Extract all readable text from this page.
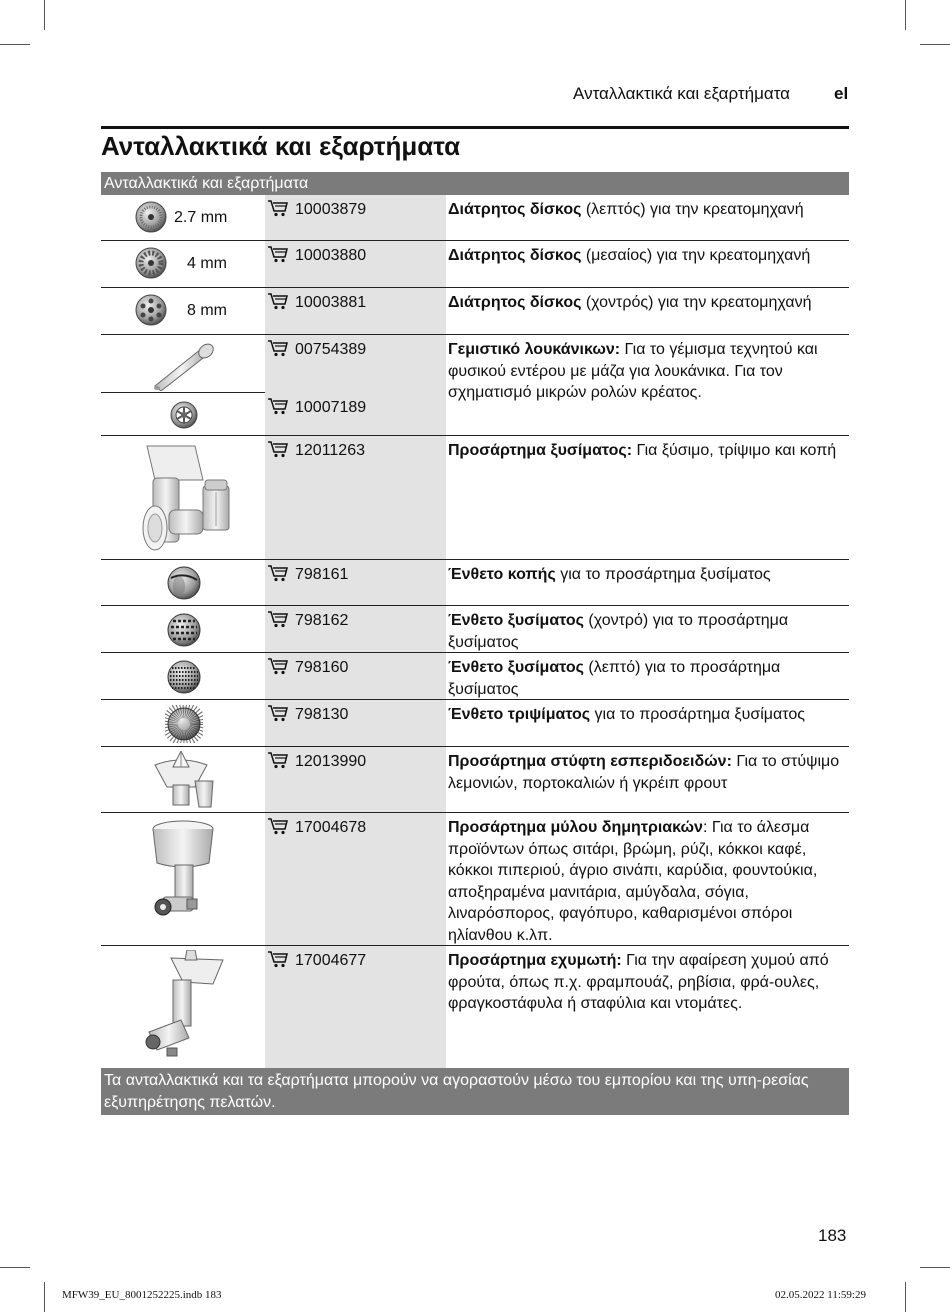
Ανταλλακτικά και εξαρτήματα	el
Ανταλλακτικά και εξαρτήματα
Ανταλλακτικά και εξαρτήματα
2.7 mm	10003879	Διάτρητος δίσκος (λεπτός) για την κρεατομηχανή
4 mm	10003880	Διάτρητος δίσκος (μεσαίος) για την κρεατομηχανή
8 mm	10003881	Διάτρητος δίσκος (χοντρός) για την κρεατομηχανή
00754389	Γεμιστικό λουκάνικων: Για το γέμισμα τεχνητού και φυσικού εντέρου με μάζα για λουκάνικα. Για τον σχηματισμό μικρών ρολών κρέατος.
10007189
12011263	Προσάρτημα ξυσίματος: Για ξύσιμο, τρίψιμο και κοπή
798161	Ένθετο κοπής για το προσάρτημα ξυσίματος
798162	Ένθετο ξυσίματος (χοντρό) για το προσάρτημα ξυσίματος
798160	Ένθετο ξυσίματος (λεπτό) για το προσάρτημα ξυσίματος
798130	Ένθετο τριψίματος για το προσάρτημα ξυσίματος
12013990	Προσάρτημα στύφτη εσπεριδοειδών: Για το στύψιμο λεμονιών, πορτοκαλιών ή γκρέιπ φρουτ
17004678	Προσάρτημα μύλου δημητριακών: Για το άλεσμα προϊόντων όπως σιτάρι, βρώμη, ρύζι, κόκκοι καφέ, κόκκοι πιπεριού, άγριο σινάπι, καρύδια, φουντούκια, αποξηραμένα μανιτάρια, αμύγδαλα, σόγια, λιναρόσπορος, φαγόπυρο, καθαρισμένοι σπόροι ηλίανθου κ.λπ.
17004677	Προσάρτημα εχυμωτή: Για την αφαίρεση χυμού από φρούτα, όπως π.χ. φραμπουάζ, ρηβίσια, φρά-ουλες, φραγκοστάφυλα ή σταφύλια και ντομάτες.
Τα ανταλλακτικά και τα εξαρτήματα μπορούν να αγοραστούν μέσω του εμπορίου και της υπη-ρεσίας εξυπηρέτησης πελατών.
183
MFW39_EU_8001252225.indb 183	02.05.2022 11:59:29
